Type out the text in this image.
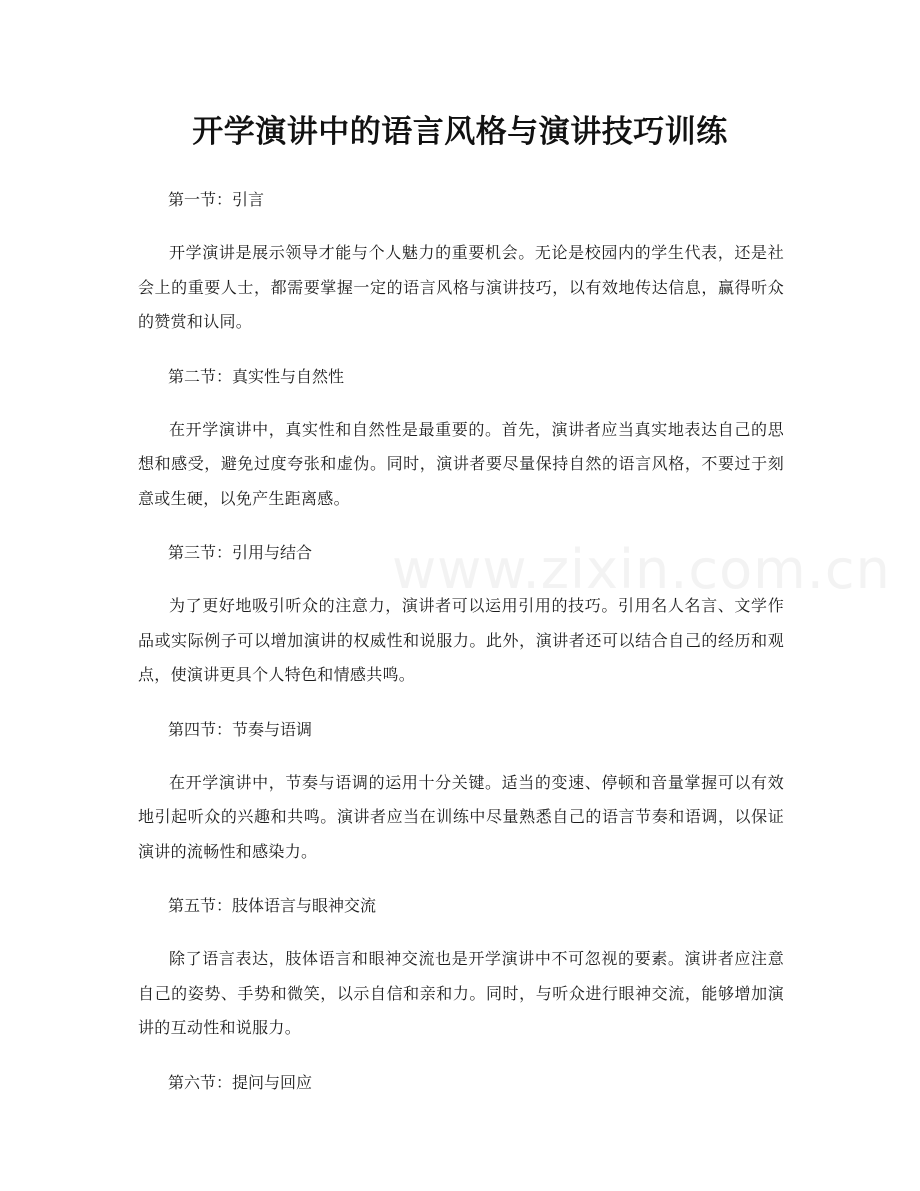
www.zixin.com.cn
开学演讲中的语言风格与演讲技巧训练

第一节：引言

开学演讲是展示领导才能与个人魅力的重要机会。无论是校园内的学生代表，还是社会上的重要人士，都需要掌握一定的语言风格与演讲技巧，以有效地传达信息，赢得听众的赞赏和认同。

第二节：真实性与自然性

在开学演讲中，真实性和自然性是最重要的。首先，演讲者应当真实地表达自己的思想和感受，避免过度夸张和虚伪。同时，演讲者要尽量保持自然的语言风格，不要过于刻意或生硬，以免产生距离感。

第三节：引用与结合

为了更好地吸引听众的注意力，演讲者可以运用引用的技巧。引用名人名言、文学作品或实际例子可以增加演讲的权威性和说服力。此外，演讲者还可以结合自己的经历和观点，使演讲更具个人特色和情感共鸣。

第四节：节奏与语调

在开学演讲中，节奏与语调的运用十分关键。适当的变速、停顿和音量掌握可以有效地引起听众的兴趣和共鸣。演讲者应当在训练中尽量熟悉自己的语言节奏和语调，以保证演讲的流畅性和感染力。

第五节：肢体语言与眼神交流

除了语言表达，肢体语言和眼神交流也是开学演讲中不可忽视的要素。演讲者应注意自己的姿势、手势和微笑，以示自信和亲和力。同时，与听众进行眼神交流，能够增加演讲的互动性和说服力。

第六节：提问与回应
